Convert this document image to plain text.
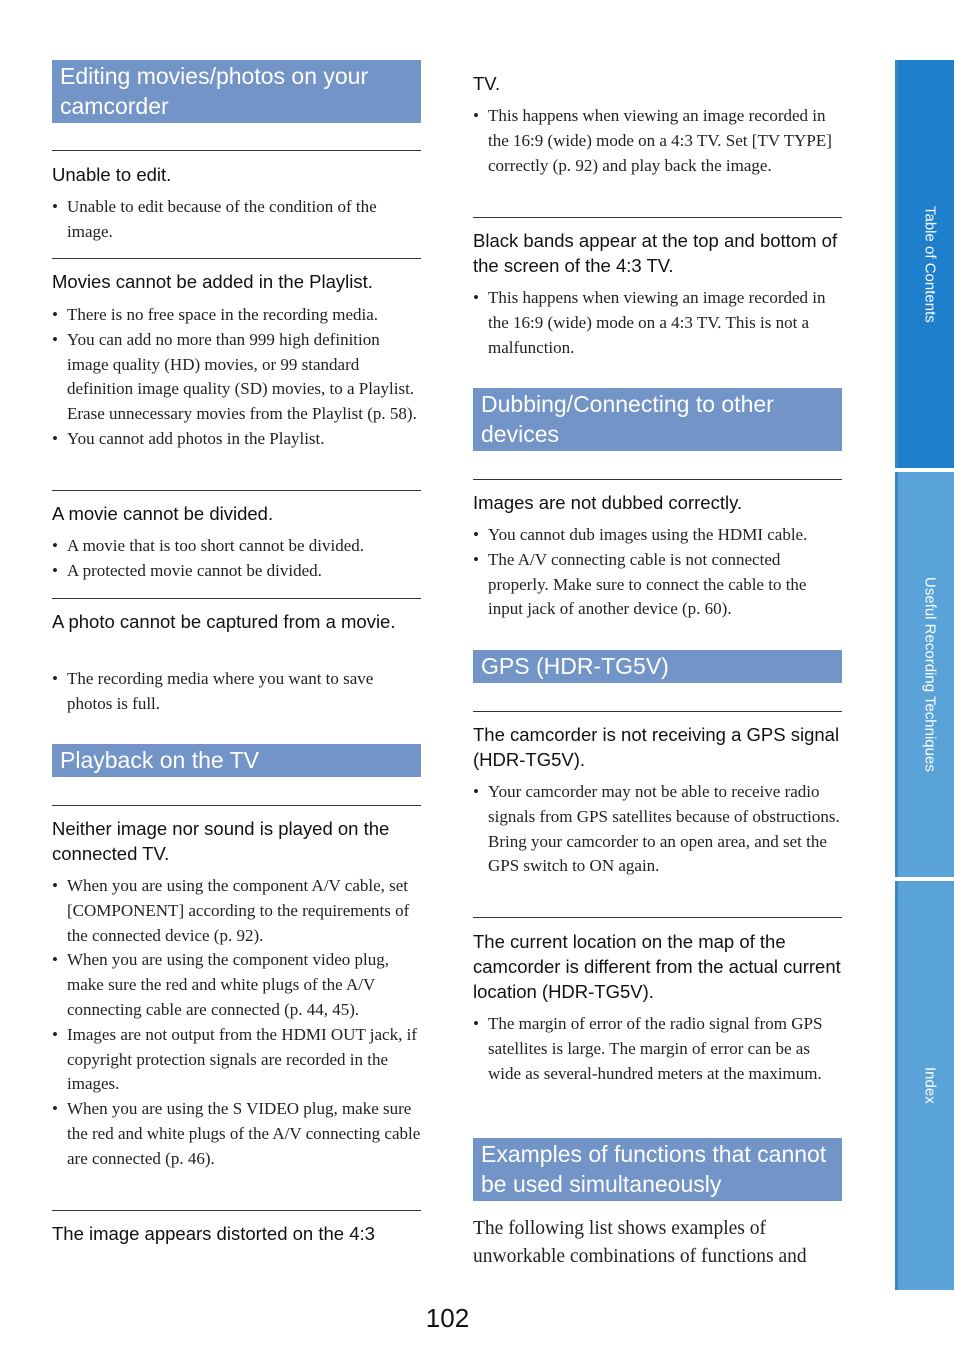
Editing movies/photos on your camcorder
Unable to edit.
• Unable to edit because of the condition of the image.
Movies cannot be added in the Playlist.
• There is no free space in the recording media.
• You can add no more than 999 high definition image quality (HD) movies, or 99 standard definition image quality (SD) movies, to a Playlist. Erase unnecessary movies from the Playlist (p. 58).
• You cannot add photos in the Playlist.
A movie cannot be divided.
• A movie that is too short cannot be divided.
• A protected movie cannot be divided.
A photo cannot be captured from a movie.
• The recording media where you want to save photos is full.
Playback on the TV
Neither image nor sound is played on the connected TV.
• When you are using the component A/V cable, set [COMPONENT] according to the requirements of the connected device (p. 92).
• When you are using the component video plug, make sure the red and white plugs of the A/V connecting cable are connected (p. 44, 45).
• Images are not output from the HDMI OUT jack, if copyright protection signals are recorded in the images.
• When you are using the S VIDEO plug, make sure the red and white plugs of the A/V connecting cable are connected (p. 46).
The image appears distorted on the 4:3
TV.
• This happens when viewing an image recorded in the 16:9 (wide) mode on a 4:3 TV. Set [TV TYPE] correctly (p. 92) and play back the image.
Black bands appear at the top and bottom of the screen of the 4:3 TV.
• This happens when viewing an image recorded in the 16:9 (wide) mode on a 4:3 TV. This is not a malfunction.
Dubbing/Connecting to other devices
Images are not dubbed correctly.
• You cannot dub images using the HDMI cable.
• The A/V connecting cable is not connected properly. Make sure to connect the cable to the input jack of another device (p. 60).
GPS (HDR-TG5V)
The camcorder is not receiving a GPS signal (HDR-TG5V).
• Your camcorder may not be able to receive radio signals from GPS satellites because of obstructions. Bring your camcorder to an open area, and set the GPS switch to ON again.
The current location on the map of the camcorder is different from the actual current location (HDR-TG5V).
• The margin of error of the radio signal from GPS satellites is large. The margin of error can be as wide as several-hundred meters at the maximum.
Examples of functions that cannot be used simultaneously
The following list shows examples of unworkable combinations of functions and
Table of Contents
Useful Recording Techniques
Index
102
